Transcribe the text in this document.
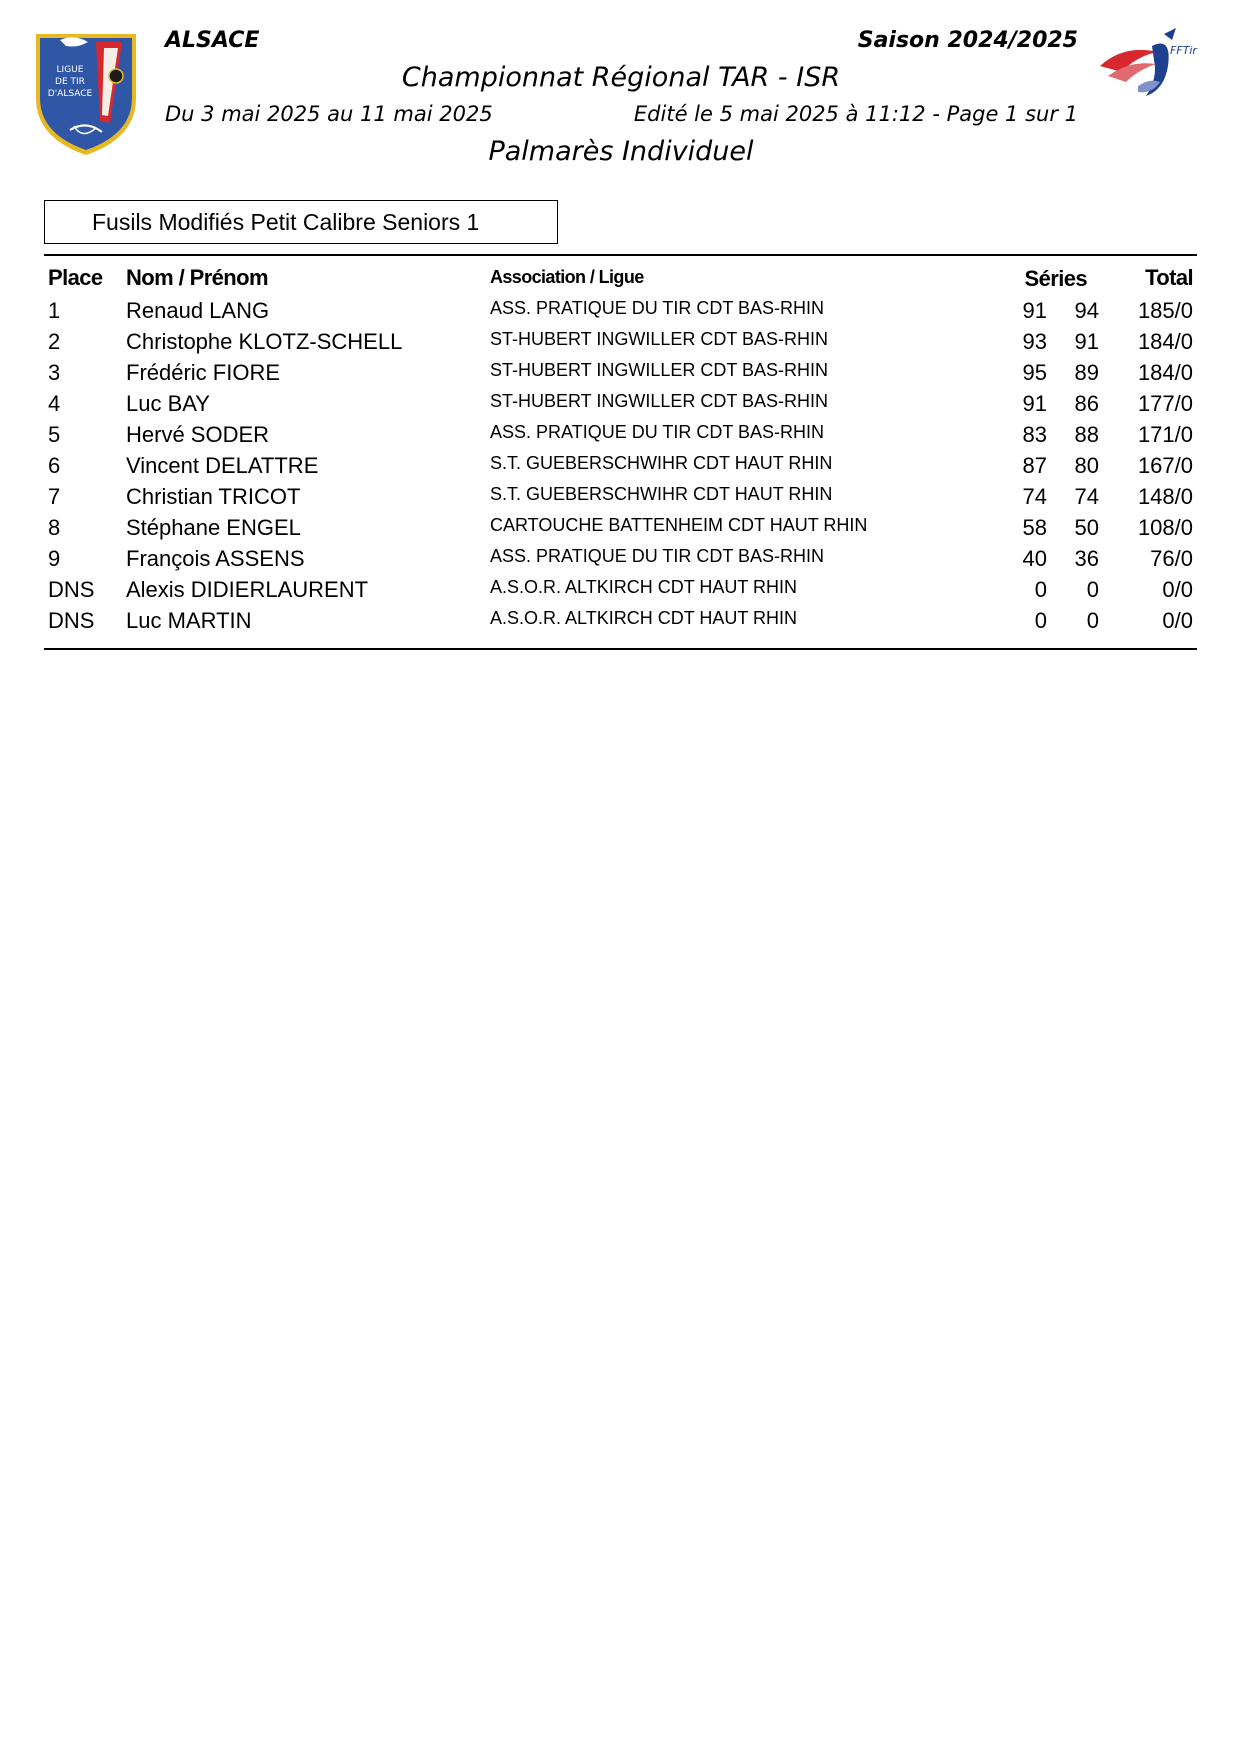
LIGUE
DE TIR
D'ALSACE
FFTir
ALSACE	Saison 2024/2025
Championnat Régional TAR - ISR
Du 3 mai 2025 au 11 mai 2025	Edité le 5 mai 2025 à 11:12 - Page 1 sur 1
Palmarès Individuel
Fusils Modifiés Petit Calibre Seniors 1
Place Nom / Prénom	Association / Ligue	Séries	Total
1	Renaud LANG	ASS. PRATIQUE DU TIR CDT BAS-RHIN	91	94	185/0
2	Christophe KLOTZ-SCHELL	ST-HUBERT INGWILLER CDT BAS-RHIN	93	91	184/0
3	Frédéric FIORE	ST-HUBERT INGWILLER CDT BAS-RHIN	95	89	184/0
4	Luc BAY	ST-HUBERT INGWILLER CDT BAS-RHIN	91	86	177/0
5	Hervé SODER	ASS. PRATIQUE DU TIR CDT BAS-RHIN	83	88	171/0
6	Vincent DELATTRE	S.T. GUEBERSCHWIHR CDT HAUT RHIN	87	80	167/0
7	Christian TRICOT	S.T. GUEBERSCHWIHR CDT HAUT RHIN	74	74	148/0
8	Stéphane ENGEL	CARTOUCHE BATTENHEIM CDT HAUT RHIN	58	50	108/0
9	François ASSENS	ASS. PRATIQUE DU TIR CDT BAS-RHIN	40	36	76/0
DNS Alexis DIDIERLAURENT	A.S.O.R. ALTKIRCH CDT HAUT RHIN	0	0	0/0
DNS Luc MARTIN	A.S.O.R. ALTKIRCH CDT HAUT RHIN	0	0	0/0
